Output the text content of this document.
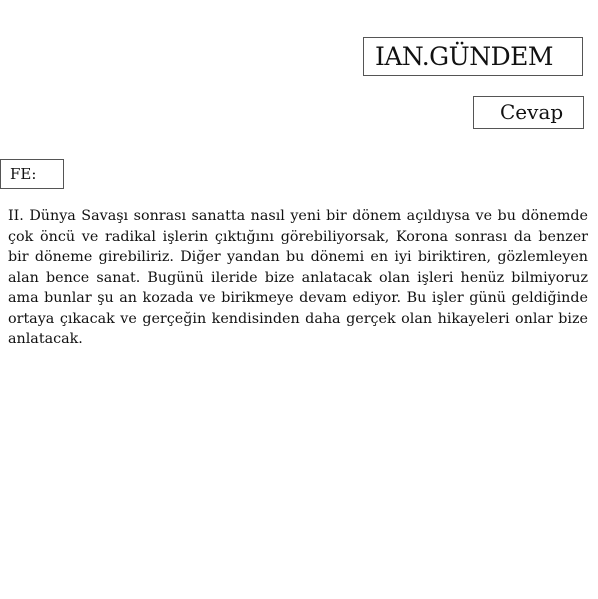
IAN.GÜNDEM
Cevap
FE:

II. Dünya Savaşı sonrası sanatta nasıl yeni bir dönem açıldıysa ve bu dönemde çok öncü ve radikal işlerin çıktığını görebiliyorsak, Korona sonrası da benzer bir döneme girebiliriz. Diğer yandan bu dönemi en iyi biriktiren, gözlemleyen alan bence sanat. Bugünü ileride bize anlatacak olan işleri henüz bilmiyoruz ama bunlar şu an kozada ve birikmeye devam ediyor. Bu işler günü geldiğinde ortaya çıkacak ve gerçeğin kendisinden daha gerçek olan hikayeleri onlar bize anlatacak.
